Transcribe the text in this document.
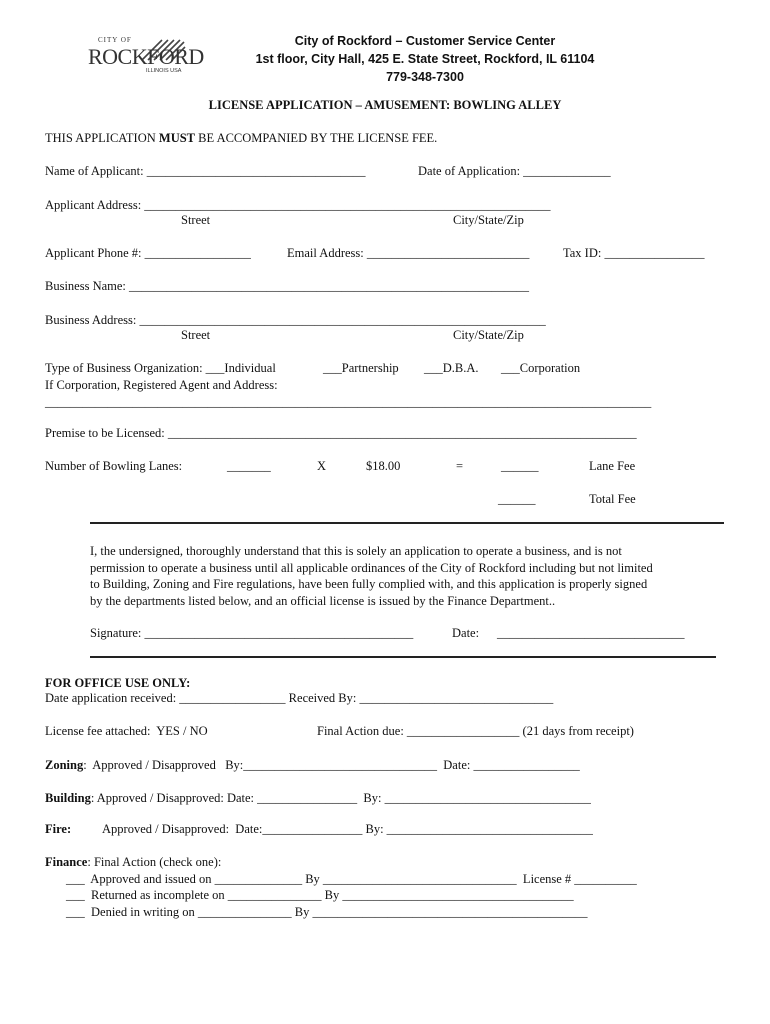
CITY OF
ROCKFORD
ILLINOIS USA
City of Rockford – Customer Service Center
1st floor, City Hall, 425 E. State Street, Rockford, IL 61104
779-348-7300
LICENSE APPLICATION – AMUSEMENT: BOWLING ALLEY
THIS APPLICATION MUST BE ACCOMPANIED BY THE LICENSE FEE.
Name of Applicant: ___________________________________	Date of Application: ______________
Applicant Address: _________________________________________________________________
Street	City/State/Zip
Applicant Phone #: _________________	Email Address: __________________________	Tax ID: ________________
Business Name: ________________________________________________________________
Business Address: _________________________________________________________________
Street	City/State/Zip
Type of Business Organization: ___Individual	___Partnership ___D.B.A. ___Corporation
If Corporation, Registered Agent and Address:
_________________________________________________________________________________________________
Premise to be Licensed: ___________________________________________________________________________
Number of Bowling Lanes:	_______	X	$18.00	=	______	Lane Fee
______	Total Fee
I, the undersigned, thoroughly understand that this is solely an application to operate a business, and is not
permission to operate a business until all applicable ordinances of the City of Rockford including but not limited
to Building, Zoning and Fire regulations, have been fully complied with, and this application is properly signed
by the departments listed below, and an official license is issued by the Finance Department..
Signature: ___________________________________________	Date: ______________________________
FOR OFFICE USE ONLY:
Date application received: _________________ Received By: _______________________________
License fee attached:  YES / NO	Final Action due: __________________ (21 days from receipt)
Zoning:  Approved / Disapproved   By:_______________________________  Date: _________________
Building: Approved / Disapproved: Date: ________________  By: _________________________________
Fire: Approved / Disapproved:  Date:________________ By: _________________________________
Finance: Final Action (check one):
___  Approved and issued on ______________ By _______________________________  License # __________
___  Returned as incomplete on _______________ By _____________________________________
___  Denied in writing on _______________ By ____________________________________________
